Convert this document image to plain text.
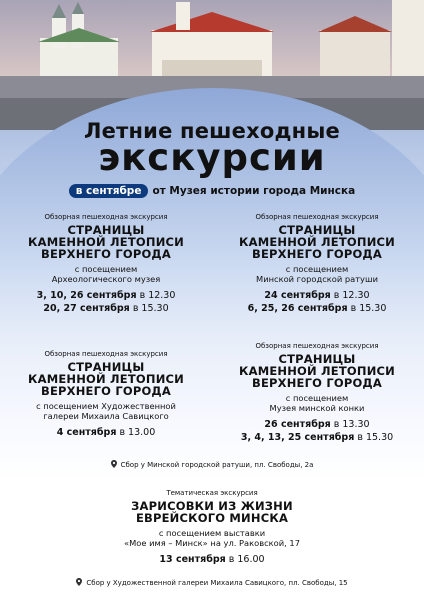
Летние пешеходные
экскурсии
в сентябре от Музея истории города Минска
Обзорная пешеходная экскурсия
СТРАНИЦЫ
КАМЕННОЙ ЛЕТОПИСИ
ВЕРХНЕГО ГОРОДА
с посещением
Археологического музея
3, 10, 26 сентября в 12.30
20, 27 сентября в 15.30
Обзорная пешеходная экскурсия
СТРАНИЦЫ
КАМЕННОЙ ЛЕТОПИСИ
ВЕРХНЕГО ГОРОДА
с посещением
Минской городской ратуши
24 сентября в 12.30
6, 25, 26 сентября в 15.30
Обзорная пешеходная экскурсия
СТРАНИЦЫ
КАМЕННОЙ ЛЕТОПИСИ
ВЕРХНЕГО ГОРОДА
с посещением Художественной
галереи Михаила Савицкого
4 сентября в 13.00
Обзорная пешеходная экскурсия
СТРАНИЦЫ
КАМЕННОЙ ЛЕТОПИСИ
ВЕРХНЕГО ГОРОДА
с посещением
Музея минской конки
26 сентября в 13.30
3, 4, 13, 25 сентября в 15.30
Сбор у Минской городской ратуши, пл. Свободы, 2а
Тематическая экскурсия
ЗАРИСОВКИ ИЗ ЖИЗНИ
ЕВРЕЙСКОГО МИНСКА
с посещением выставки
«Мое имя – Минск» на ул. Раковской, 17
13 сентября в 16.00
Сбор у Художественной галереи Михаила Савицкого, пл. Свободы, 15
